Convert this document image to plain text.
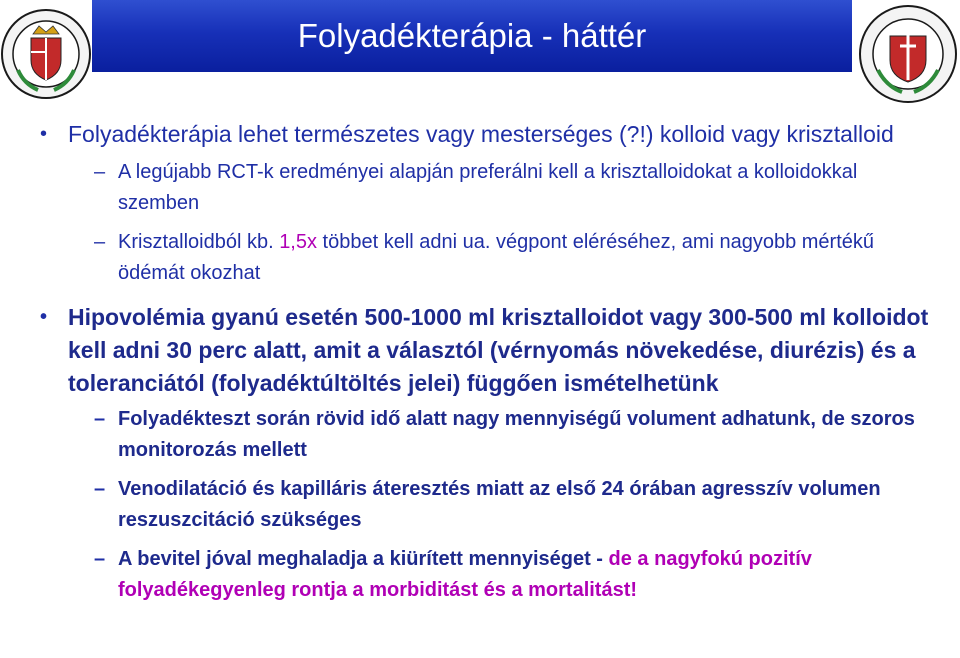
Folyadékterápia - háttér
• Folyadékterápia lehet természetes vagy mesterséges (?!) kolloid vagy krisztalloid
– A legújabb RCT-k eredményei alapján preferálni kell a krisztalloidokat a kolloidokkal szemben
– Krisztalloidból kb. 1,5x többet kell adni ua. végpont eléréséhez, ami nagyobb mértékű ödémát okozhat
• Hipovolémia gyanú esetén 500-1000 ml krisztalloidot vagy 300-500 ml kolloidot kell adni 30 perc alatt, amit a választól (vérnyomás növekedése, diurézis) és a toleranciától (folyadéktúltöltés jelei) függően ismételhetünk
– Folyadékteszt során rövid idő alatt nagy mennyiségű volument adhatunk, de szoros monitorozás mellett
– Venodilatáció és kapilláris áteresztés miatt az első 24 órában agresszív volumen reszuszcitáció szükséges
– A bevitel jóval meghaladja a kiürített mennyiséget - de a nagyfokú pozitív folyadékegyenleg rontja a morbiditást és a mortalitást!
